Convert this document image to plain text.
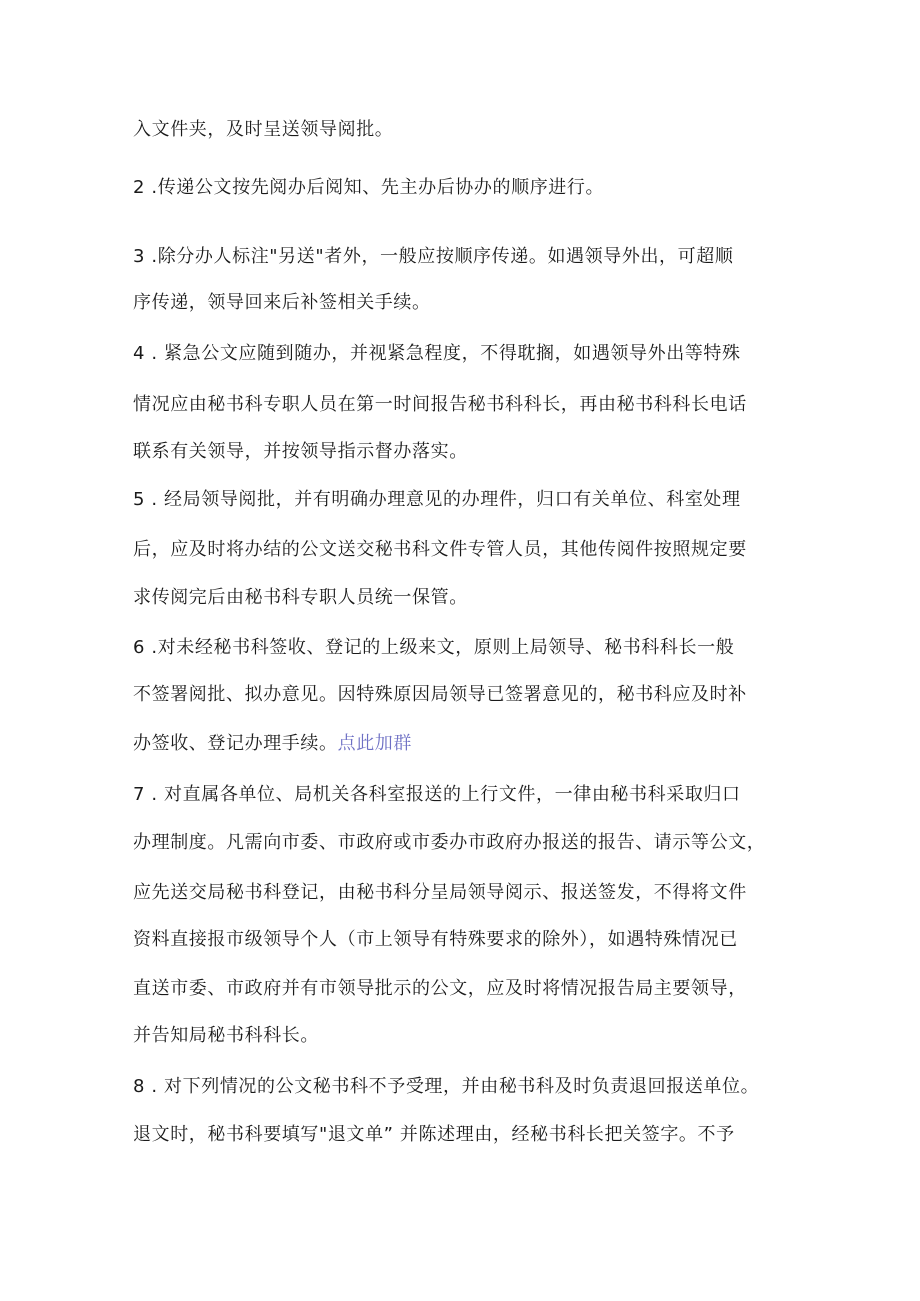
入文件夹，及时呈送领导阅批。
2 .传递公文按先阅办后阅知、先主办后协办的顺序进行。
3 .除分办人标注"另送"者外，一般应按顺序传递。如遇领导外出，可超顺
序传递，领导回来后补签相关手续。
4 . 紧急公文应随到随办，并视紧急程度，不得耽搁，如遇领导外出等特殊
情况应由秘书科专职人员在第一时间报告秘书科科长，再由秘书科科长电话
联系有关领导，并按领导指示督办落实。
5 . 经局领导阅批，并有明确办理意见的办理件，归口有关单位、科室处理
后，应及时将办结的公文送交秘书科文件专管人员，其他传阅件按照规定要
求传阅完后由秘书科专职人员统一保管。
6 .对未经秘书科签收、登记的上级来文，原则上局领导、秘书科科长一般
不签署阅批、拟办意见。因特殊原因局领导已签署意见的，秘书科应及时补
办签收、登记办理手续。点此加群
7 . 对直属各单位、局机关各科室报送的上行文件，一律由秘书科采取归口
办理制度。凡需向市委、市政府或市委办市政府办报送的报告、请示等公文，
应先送交局秘书科登记，由秘书科分呈局领导阅示、报送签发，不得将文件
资料直接报市级领导个人（市上领导有特殊要求的除外），如遇特殊情况已
直送市委、市政府并有市领导批示的公文，应及时将情况报告局主要领导，
并告知局秘书科科长。
8 . 对下列情况的公文秘书科不予受理，并由秘书科及时负责退回报送单位。
退文时，秘书科要填写"退文单” 并陈述理由，经秘书科长把关签字。不予
